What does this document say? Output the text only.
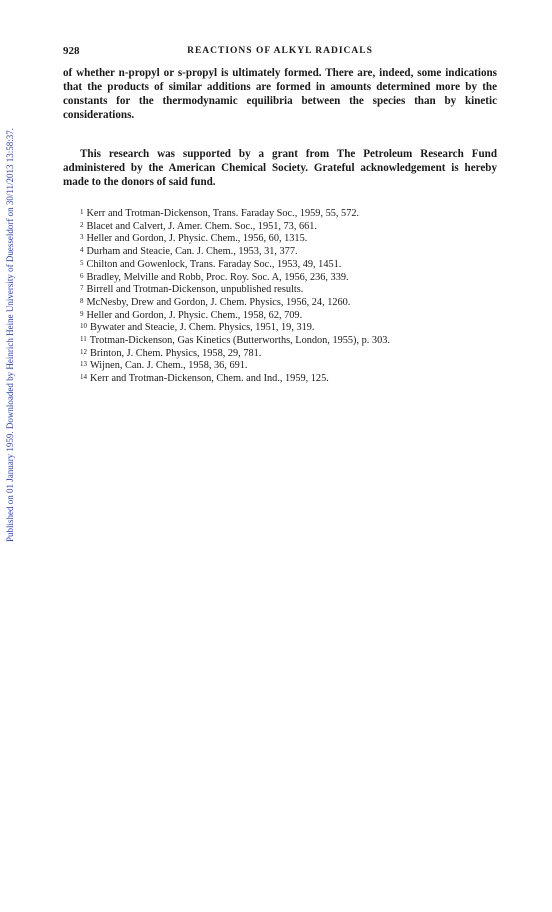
Published on 01 January 1959. Downloaded by Heinrich Heine University of Duesseldorf on 30/11/2013 13:58:37.
928	REACTIONS OF ALKYL RADICALS

of whether n-propyl or s-propyl is ultimately formed. There are, indeed, some indications that the products of similar additions are formed in amounts determined more by the constants for the thermodynamic equilibria between the species than by kinetic considerations.

This research was supported by a grant from The Petroleum Research Fund administered by the American Chemical Society. Grateful acknowledgement is hereby made to the donors of said fund.

1 Kerr and Trotman-Dickenson, Trans. Faraday Soc., 1959, 55, 572.
2 Blacet and Calvert, J. Amer. Chem. Soc., 1951, 73, 661.
3 Heller and Gordon, J. Physic. Chem., 1956, 60, 1315.
4 Durham and Steacie, Can. J. Chem., 1953, 31, 377.
5 Chilton and Gowenlock, Trans. Faraday Soc., 1953, 49, 1451.
6 Bradley, Melville and Robb, Proc. Roy. Soc. A, 1956, 236, 339.
7 Birrell and Trotman-Dickenson, unpublished results.
8 McNesby, Drew and Gordon, J. Chem. Physics, 1956, 24, 1260.
9 Heller and Gordon, J. Physic. Chem., 1958, 62, 709.
10 Bywater and Steacie, J. Chem. Physics, 1951, 19, 319.
11 Trotman-Dickenson, Gas Kinetics (Butterworths, London, 1955), p. 303.
12 Brinton, J. Chem. Physics, 1958, 29, 781.
13 Wijnen, Can. J. Chem., 1958, 36, 691.
14 Kerr and Trotman-Dickenson, Chem. and Ind., 1959, 125.
